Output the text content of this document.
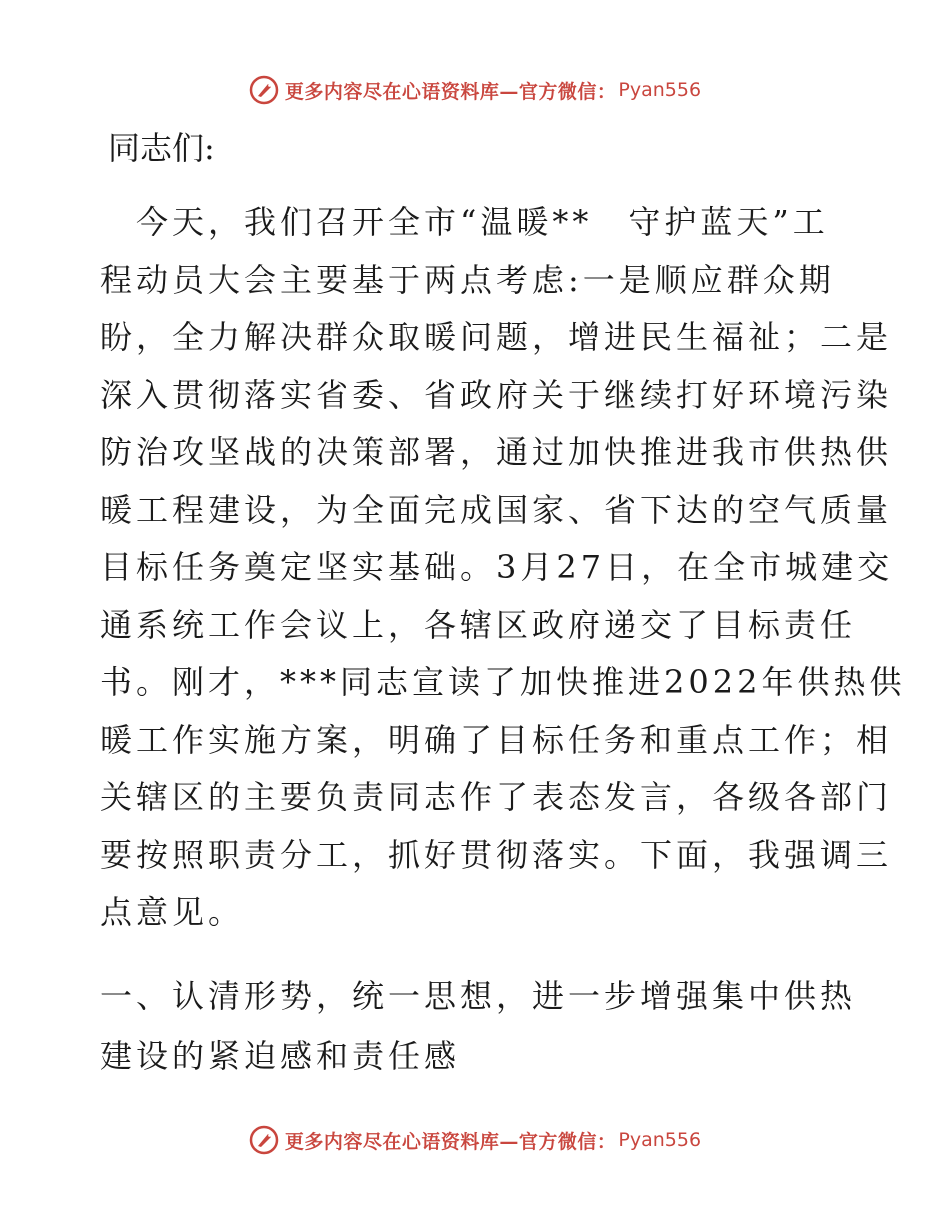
更多内容尽在心语资料库—官方微信： Pyan556

同志们:

　今天，我们召开全市“温暖**　守护蓝天”工
程动员大会主要基于两点考虑:一是顺应群众期
盼，全力解决群众取暖问题，增进民生福祉；二是
深入贯彻落实省委、省政府关于继续打好环境污染
防治攻坚战的决策部署，通过加快推进我市供热供
暖工程建设，为全面完成国家、省下达的空气质量
目标任务奠定坚实基础。3月27日，在全市城建交
通系统工作会议上，各辖区政府递交了目标责任
书。刚才，***同志宣读了加快推进2022年供热供
暖工作实施方案，明确了目标任务和重点工作；相
关辖区的主要负责同志作了表态发言，各级各部门
要按照职责分工，抓好贯彻落实。下面，我强调三
点意见。
一、认清形势，统一思想，进一步增强集中供热
建设的紧迫感和责任感
更多内容尽在心语资料库—官方微信： Pyan556
